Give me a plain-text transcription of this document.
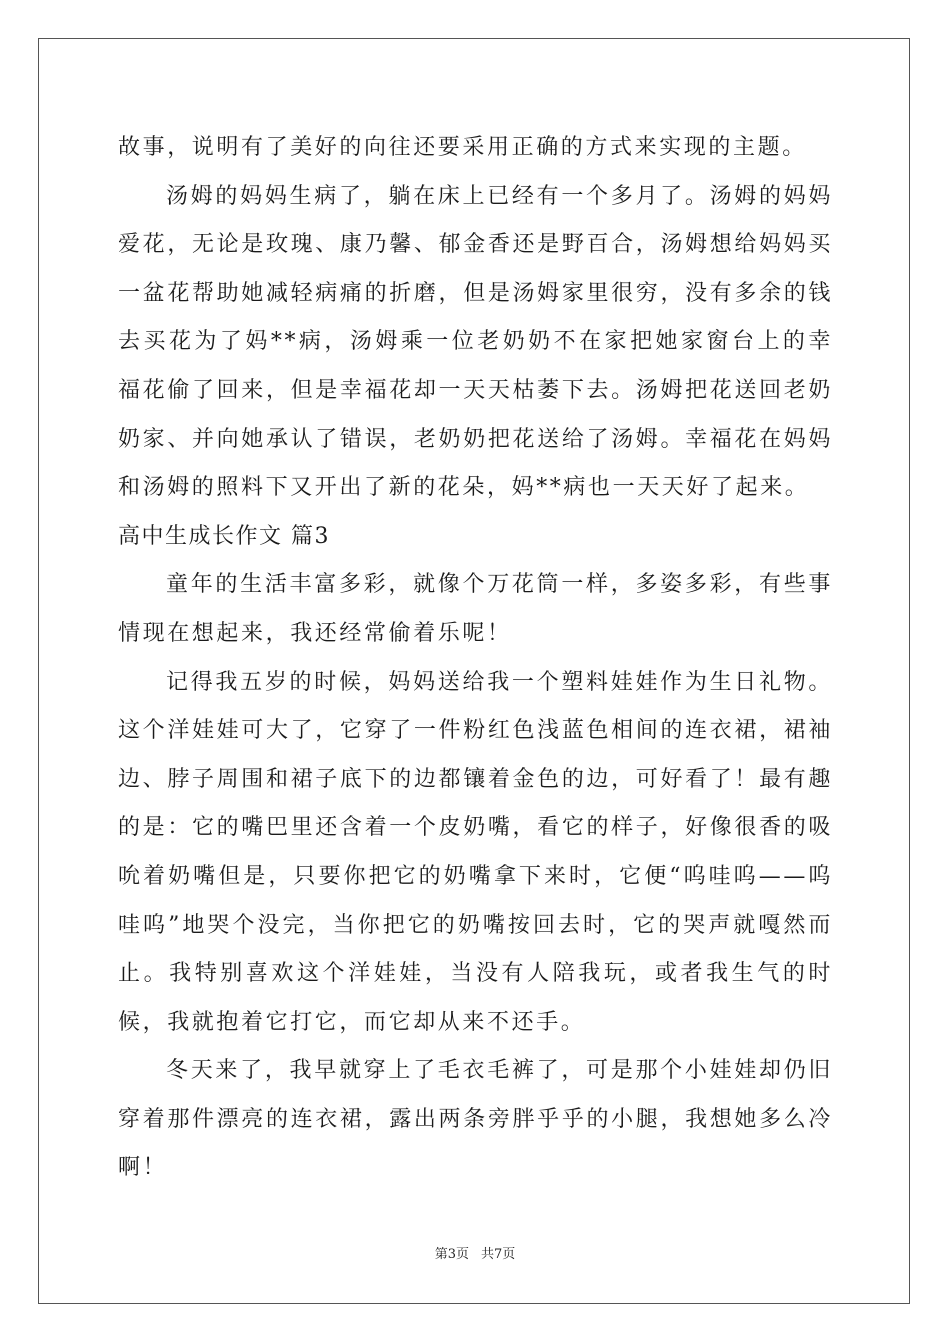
故事，说明有了美好的向往还要采用正确的方式来实现的主题。

汤姆的妈妈生病了，躺在床上已经有一个多月了。汤姆的妈妈爱花，无论是玫瑰、康乃馨、郁金香还是野百合，汤姆想给妈妈买一盆花帮助她减轻病痛的折磨，但是汤姆家里很穷，没有多余的钱去买花为了妈**病，汤姆乘一位老奶奶不在家把她家窗台上的幸福花偷了回来，但是幸福花却一天天枯萎下去。汤姆把花送回老奶奶家、并向她承认了错误，老奶奶把花送给了汤姆。幸福花在妈妈和汤姆的照料下又开出了新的花朵，妈**病也一天天好了起来。

高中生成长作文 篇3

童年的生活丰富多彩，就像个万花筒一样，多姿多彩，有些事情现在想起来，我还经常偷着乐呢！

记得我五岁的时候，妈妈送给我一个塑料娃娃作为生日礼物。这个洋娃娃可大了，它穿了一件粉红色浅蓝色相间的连衣裙，裙袖边、脖子周围和裙子底下的边都镶着金色的边，可好看了！最有趣的是：它的嘴巴里还含着一个皮奶嘴，看它的样子，好像很香的吸吮着奶嘴但是，只要你把它的奶嘴拿下来时，它便“呜哇呜——呜哇呜”地哭个没完，当你把它的奶嘴按回去时，它的哭声就嘎然而止。我特别喜欢这个洋娃娃，当没有人陪我玩，或者我生气的时候，我就抱着它打它，而它却从来不还手。

冬天来了，我早就穿上了毛衣毛裤了，可是那个小娃娃却仍旧穿着那件漂亮的连衣裙，露出两条旁胖乎乎的小腿，我想她多么冷啊！

第3页 共7页
